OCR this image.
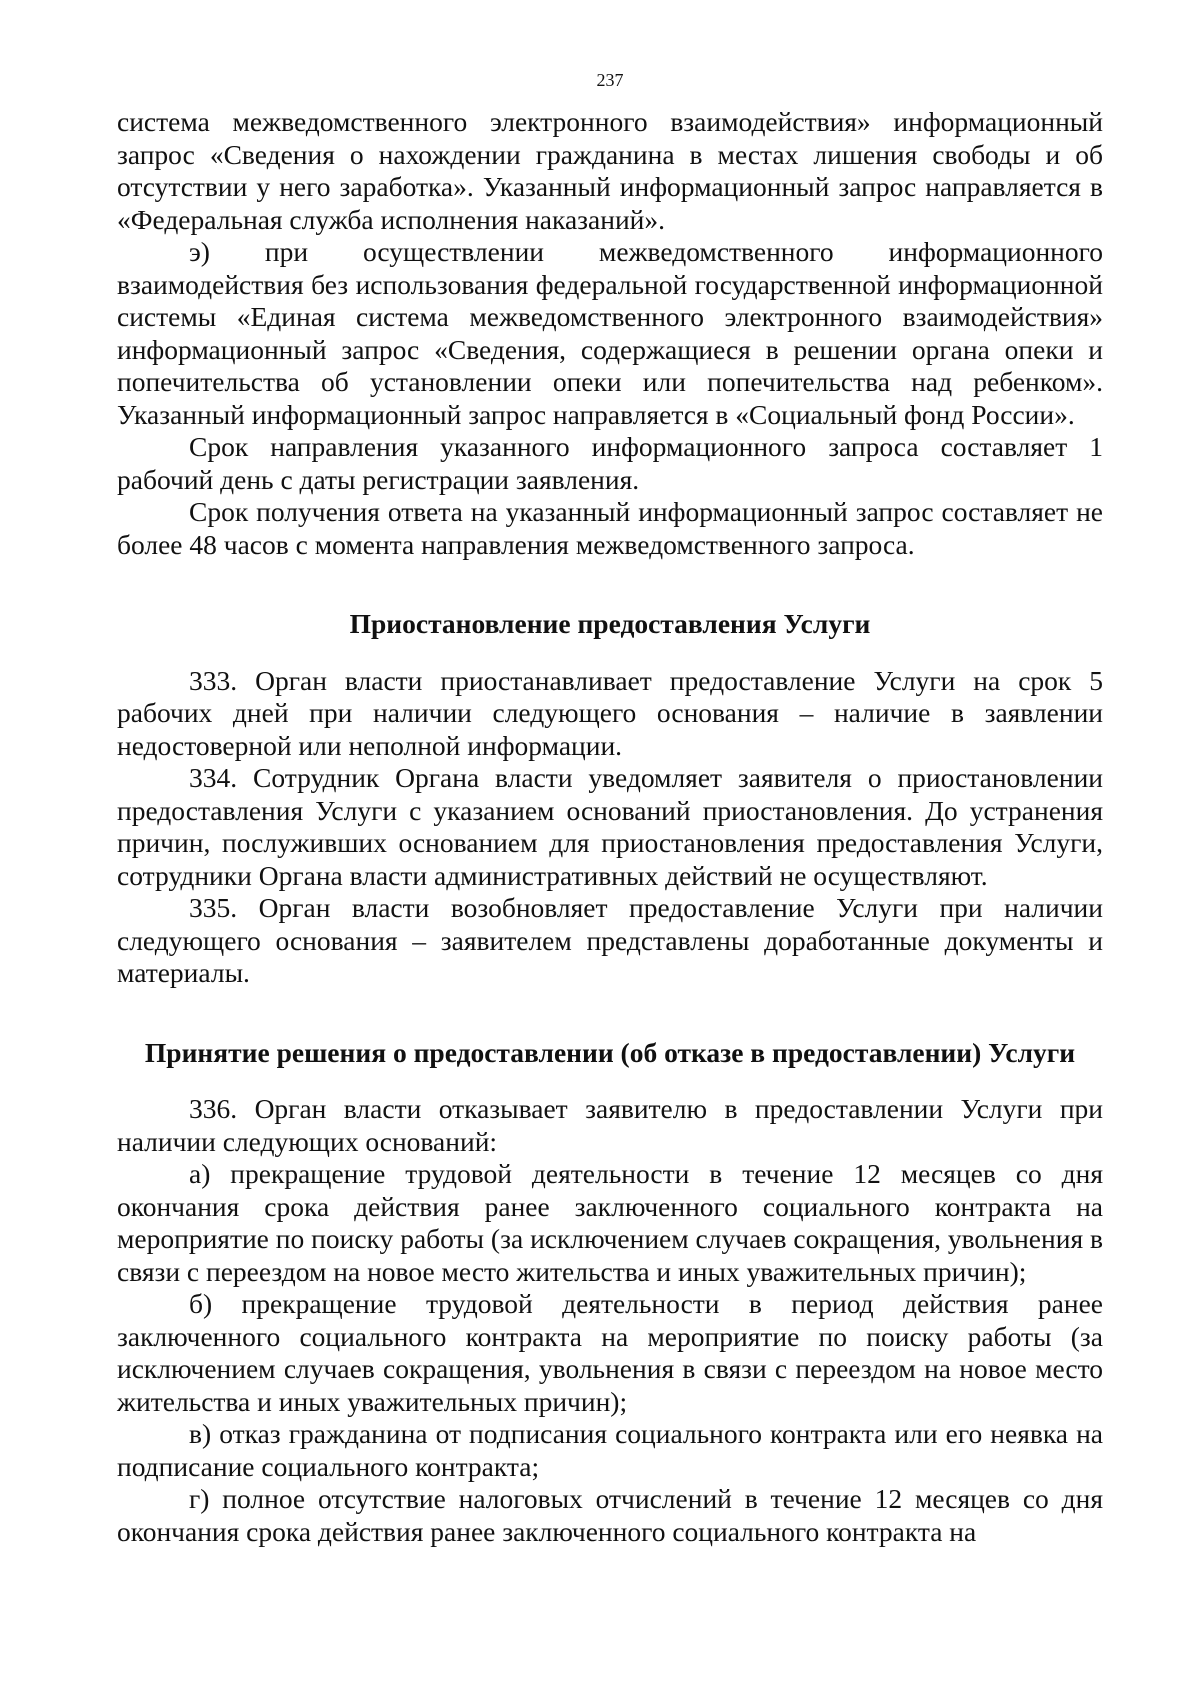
237

система межведомственного электронного взаимодействия» информационный запрос «Сведения о нахождении гражданина в местах лишения свободы и об отсутствии у него заработка». Указанный информационный запрос направляется в «Федеральная служба исполнения наказаний».

э) при осуществлении межведомственного информационного взаимодействия без использования федеральной государственной информационной системы «Единая система межведомственного электронного взаимодействия» информационный запрос «Сведения, содержащиеся в решении органа опеки и попечительства об установлении опеки или попечительства над ребенком». Указанный информационный запрос направляется в «Социальный фонд России».

Срок направления указанного информационного запроса составляет 1 рабочий день с даты регистрации заявления.

Срок получения ответа на указанный информационный запрос составляет не более 48 часов с момента направления межведомственного запроса.

Приостановление предоставления Услуги

333. Орган власти приостанавливает предоставление Услуги на срок 5 рабочих дней при наличии следующего основания – наличие в заявлении недостоверной или неполной информации.

334. Сотрудник Органа власти уведомляет заявителя о приостановлении предоставления Услуги с указанием оснований приостановления. До устранения причин, послуживших основанием для приостановления предоставления Услуги, сотрудники Органа власти административных действий не осуществляют.

335. Орган власти возобновляет предоставление Услуги при наличии следующего основания – заявителем представлены доработанные документы и материалы.

Принятие решения о предоставлении (об отказе в предоставлении) Услуги

336. Орган власти отказывает заявителю в предоставлении Услуги при наличии следующих оснований:

а) прекращение трудовой деятельности в течение 12 месяцев со дня окончания срока действия ранее заключенного социального контракта на мероприятие по поиску работы (за исключением случаев сокращения, увольнения в связи с переездом на новое место жительства и иных уважительных причин);

б) прекращение трудовой деятельности в период действия ранее заключенного социального контракта на мероприятие по поиску работы (за исключением случаев сокращения, увольнения в связи с переездом на новое место жительства и иных уважительных причин);

в) отказ гражданина от подписания социального контракта или его неявка на подписание социального контракта;

г) полное отсутствие налоговых отчислений в течение 12 месяцев со дня окончания срока действия ранее заключенного социального контракта на
